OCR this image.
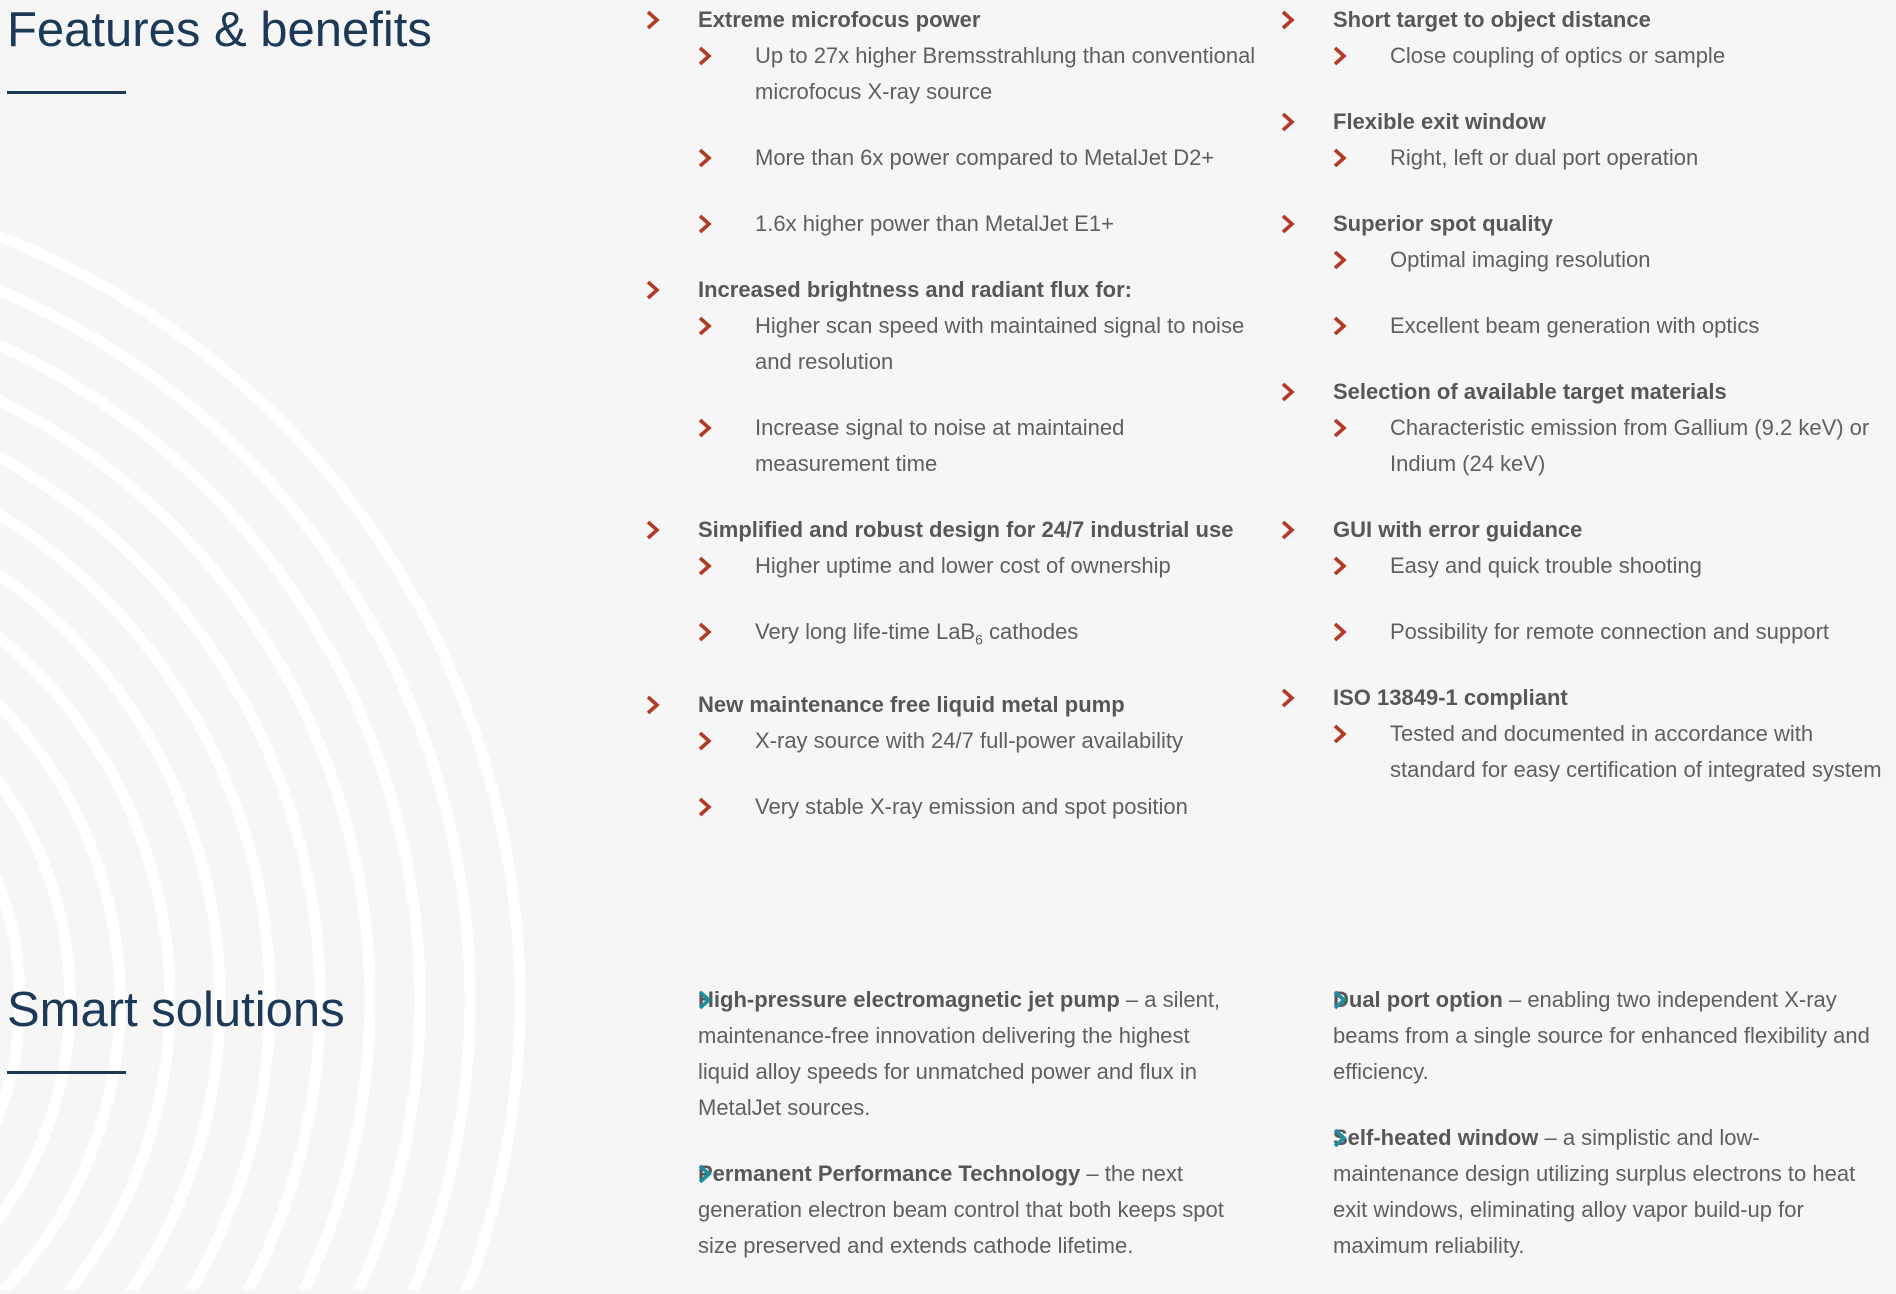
Features & benefits	Extreme microfocus power
Up to 27x higher Bremsstrahlung than conventional microfocus X-ray source
More than 6x power compared to MetalJet D2+
1.6x higher power than MetalJet E1+
Increased brightness and radiant flux for:
Higher scan speed with maintained signal to noise and resolution
Increase signal to noise at maintained measurement time
Simplified and robust design for 24/7 industrial use
Higher uptime and lower cost of ownership
Very long life-time LaB$_6$ cathodes
New maintenance free liquid metal pump
X-ray source with 24/7 full-power availability
Very stable X-ray emission and spot position
Short target to object distance
Close coupling of optics or sample
Flexible exit window
Right, left or dual port operation
Superior spot quality
Optimal imaging resolution
Excellent beam generation with optics
Selection of available target materials
Characteristic emission from Gallium (9.2 keV) or Indium (24 keV)
GUI with error guidance
Easy and quick trouble shooting
Possibility for remote connection and support
ISO 13849-1 compliant
Tested and documented in accordance with standard for easy certification of integrated system
Smart solutions	High-pressure electromagnetic jet pump – a silent, maintenance-free innovation delivering the highest liquid alloy speeds for unmatched power and flux in MetalJet sources.
Permanent Performance Technology – the next generation electron beam control that both keeps spot size preserved and extends cathode lifetime.
Dual port option – enabling two independent X-ray beams from a single source for enhanced flexibility and efficiency.
Self-heated window – a simplistic and low-maintenance design utilizing surplus electrons to heat exit windows, eliminating alloy vapor build-up for maximum reliability.
